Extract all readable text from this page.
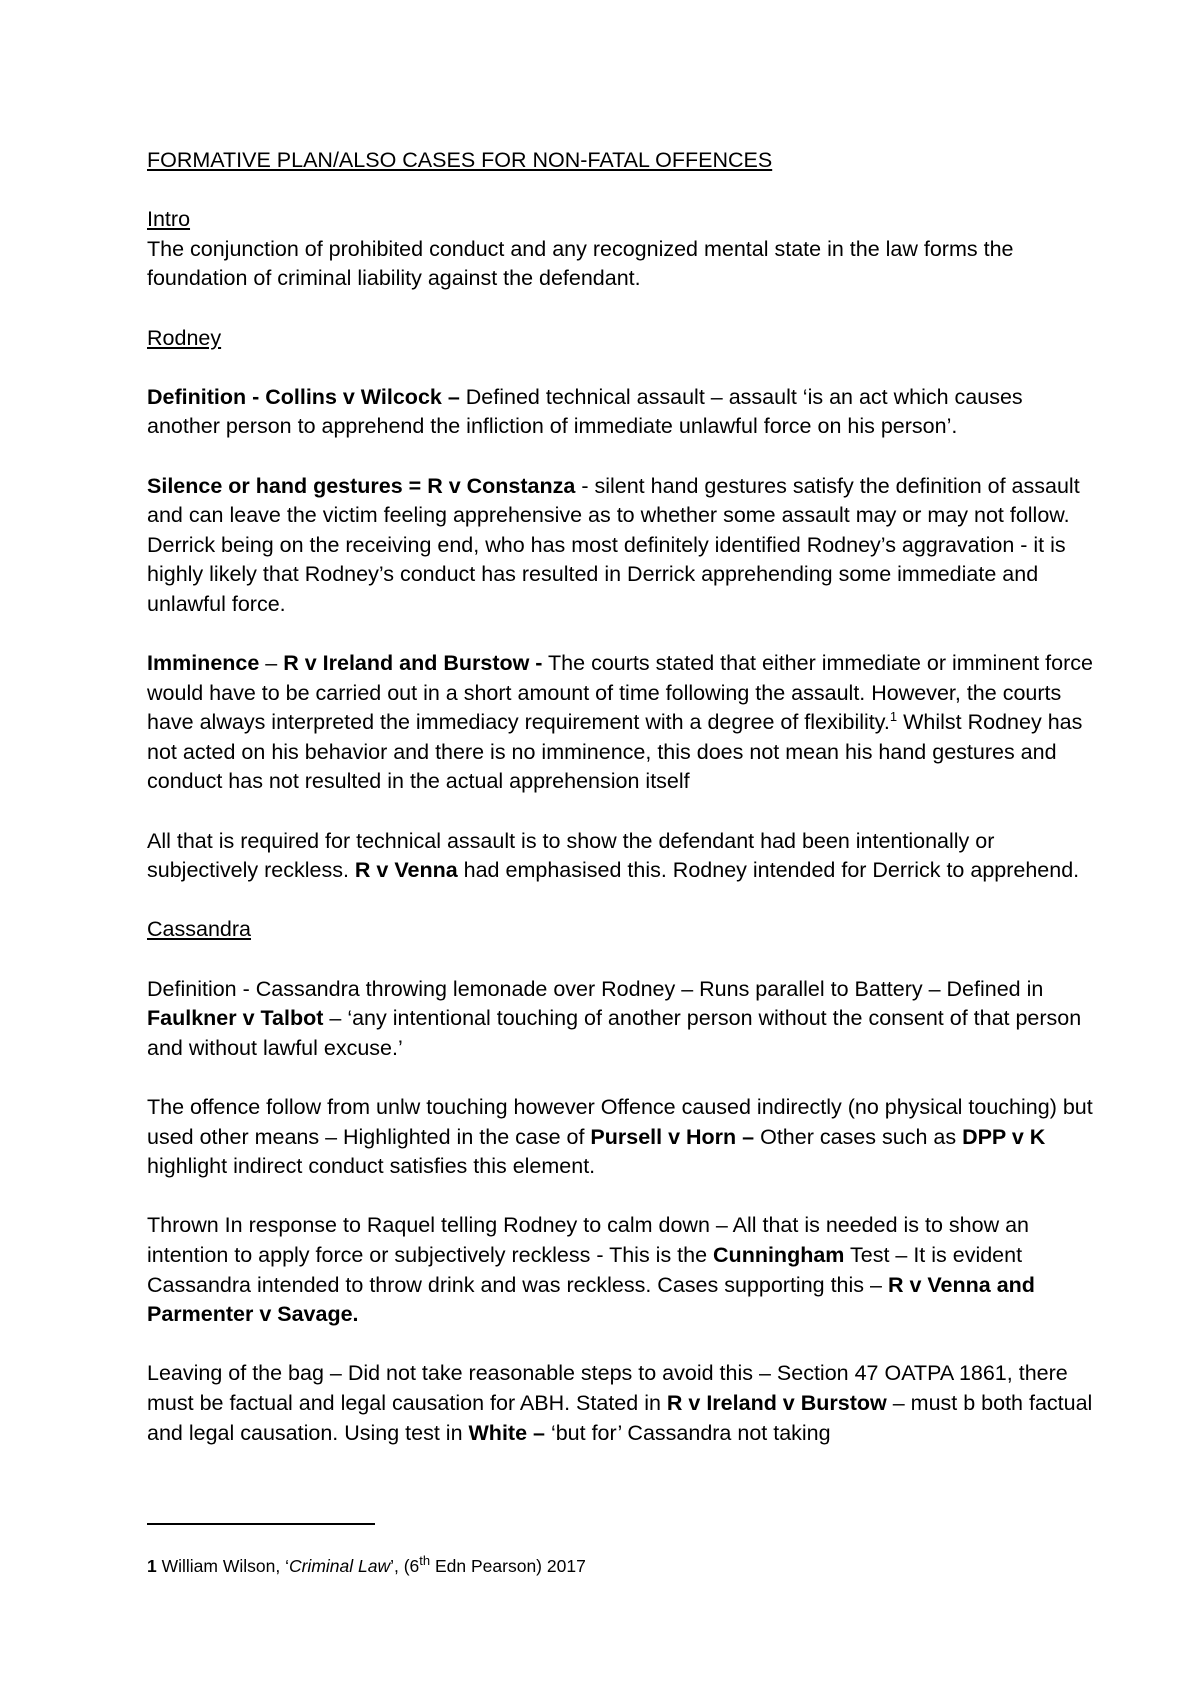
FORMATIVE PLAN/ALSO CASES FOR NON-FATAL OFFENCES

Intro

The conjunction of prohibited conduct and any recognized mental state in the law forms the foundation of criminal liability against the defendant.

Rodney

Definition - Collins v Wilcock – Defined technical assault – assault ‘is an act which causes another person to apprehend the infliction of immediate unlawful force on his person’.

Silence or hand gestures = R v Constanza - silent hand gestures satisfy the definition of assault and can leave the victim feeling apprehensive as to whether some assault may or may not follow. Derrick being on the receiving end, who has most definitely identified Rodney’s aggravation - it is highly likely that Rodney’s conduct has resulted in Derrick apprehending some immediate and unlawful force.

Imminence – R v Ireland and Burstow - The courts stated that either immediate or imminent force would have to be carried out in a short amount of time following the assault. However, the courts have always interpreted the immediacy requirement with a degree of flexibility.$^1$ Whilst Rodney has not acted on his behavior and there is no imminence, this does not mean his hand gestures and conduct has not resulted in the actual apprehension itself

All that is required for technical assault is to show the defendant had been intentionally or subjectively reckless. R v Venna had emphasised this. Rodney intended for Derrick to apprehend.

Cassandra

Definition - Cassandra throwing lemonade over Rodney – Runs parallel to Battery – Defined in Faulkner v Talbot – ‘any intentional touching of another person without the consent of that person and without lawful excuse.’

The offence follow from unlw touching however Offence caused indirectly (no physical touching) but used other means – Highlighted in the case of Pursell v Horn – Other cases such as DPP v K highlight indirect conduct satisfies this element.

Thrown In response to Raquel telling Rodney to calm down – All that is needed is to show an intention to apply force or subjectively reckless - This is the Cunningham Test – It is evident Cassandra intended to throw drink and was reckless. Cases supporting this – R v Venna and Parmenter v Savage.

Leaving of the bag – Did not take reasonable steps to avoid this – Section 47 OATPA 1861, there must be factual and legal causation for ABH. Stated in R v Ireland v Burstow – must b both factual and legal causation. Using test in White – ‘but for’ Cassandra not taking

1 William Wilson, ‘Criminal Law’, (6th Edn Pearson) 2017
